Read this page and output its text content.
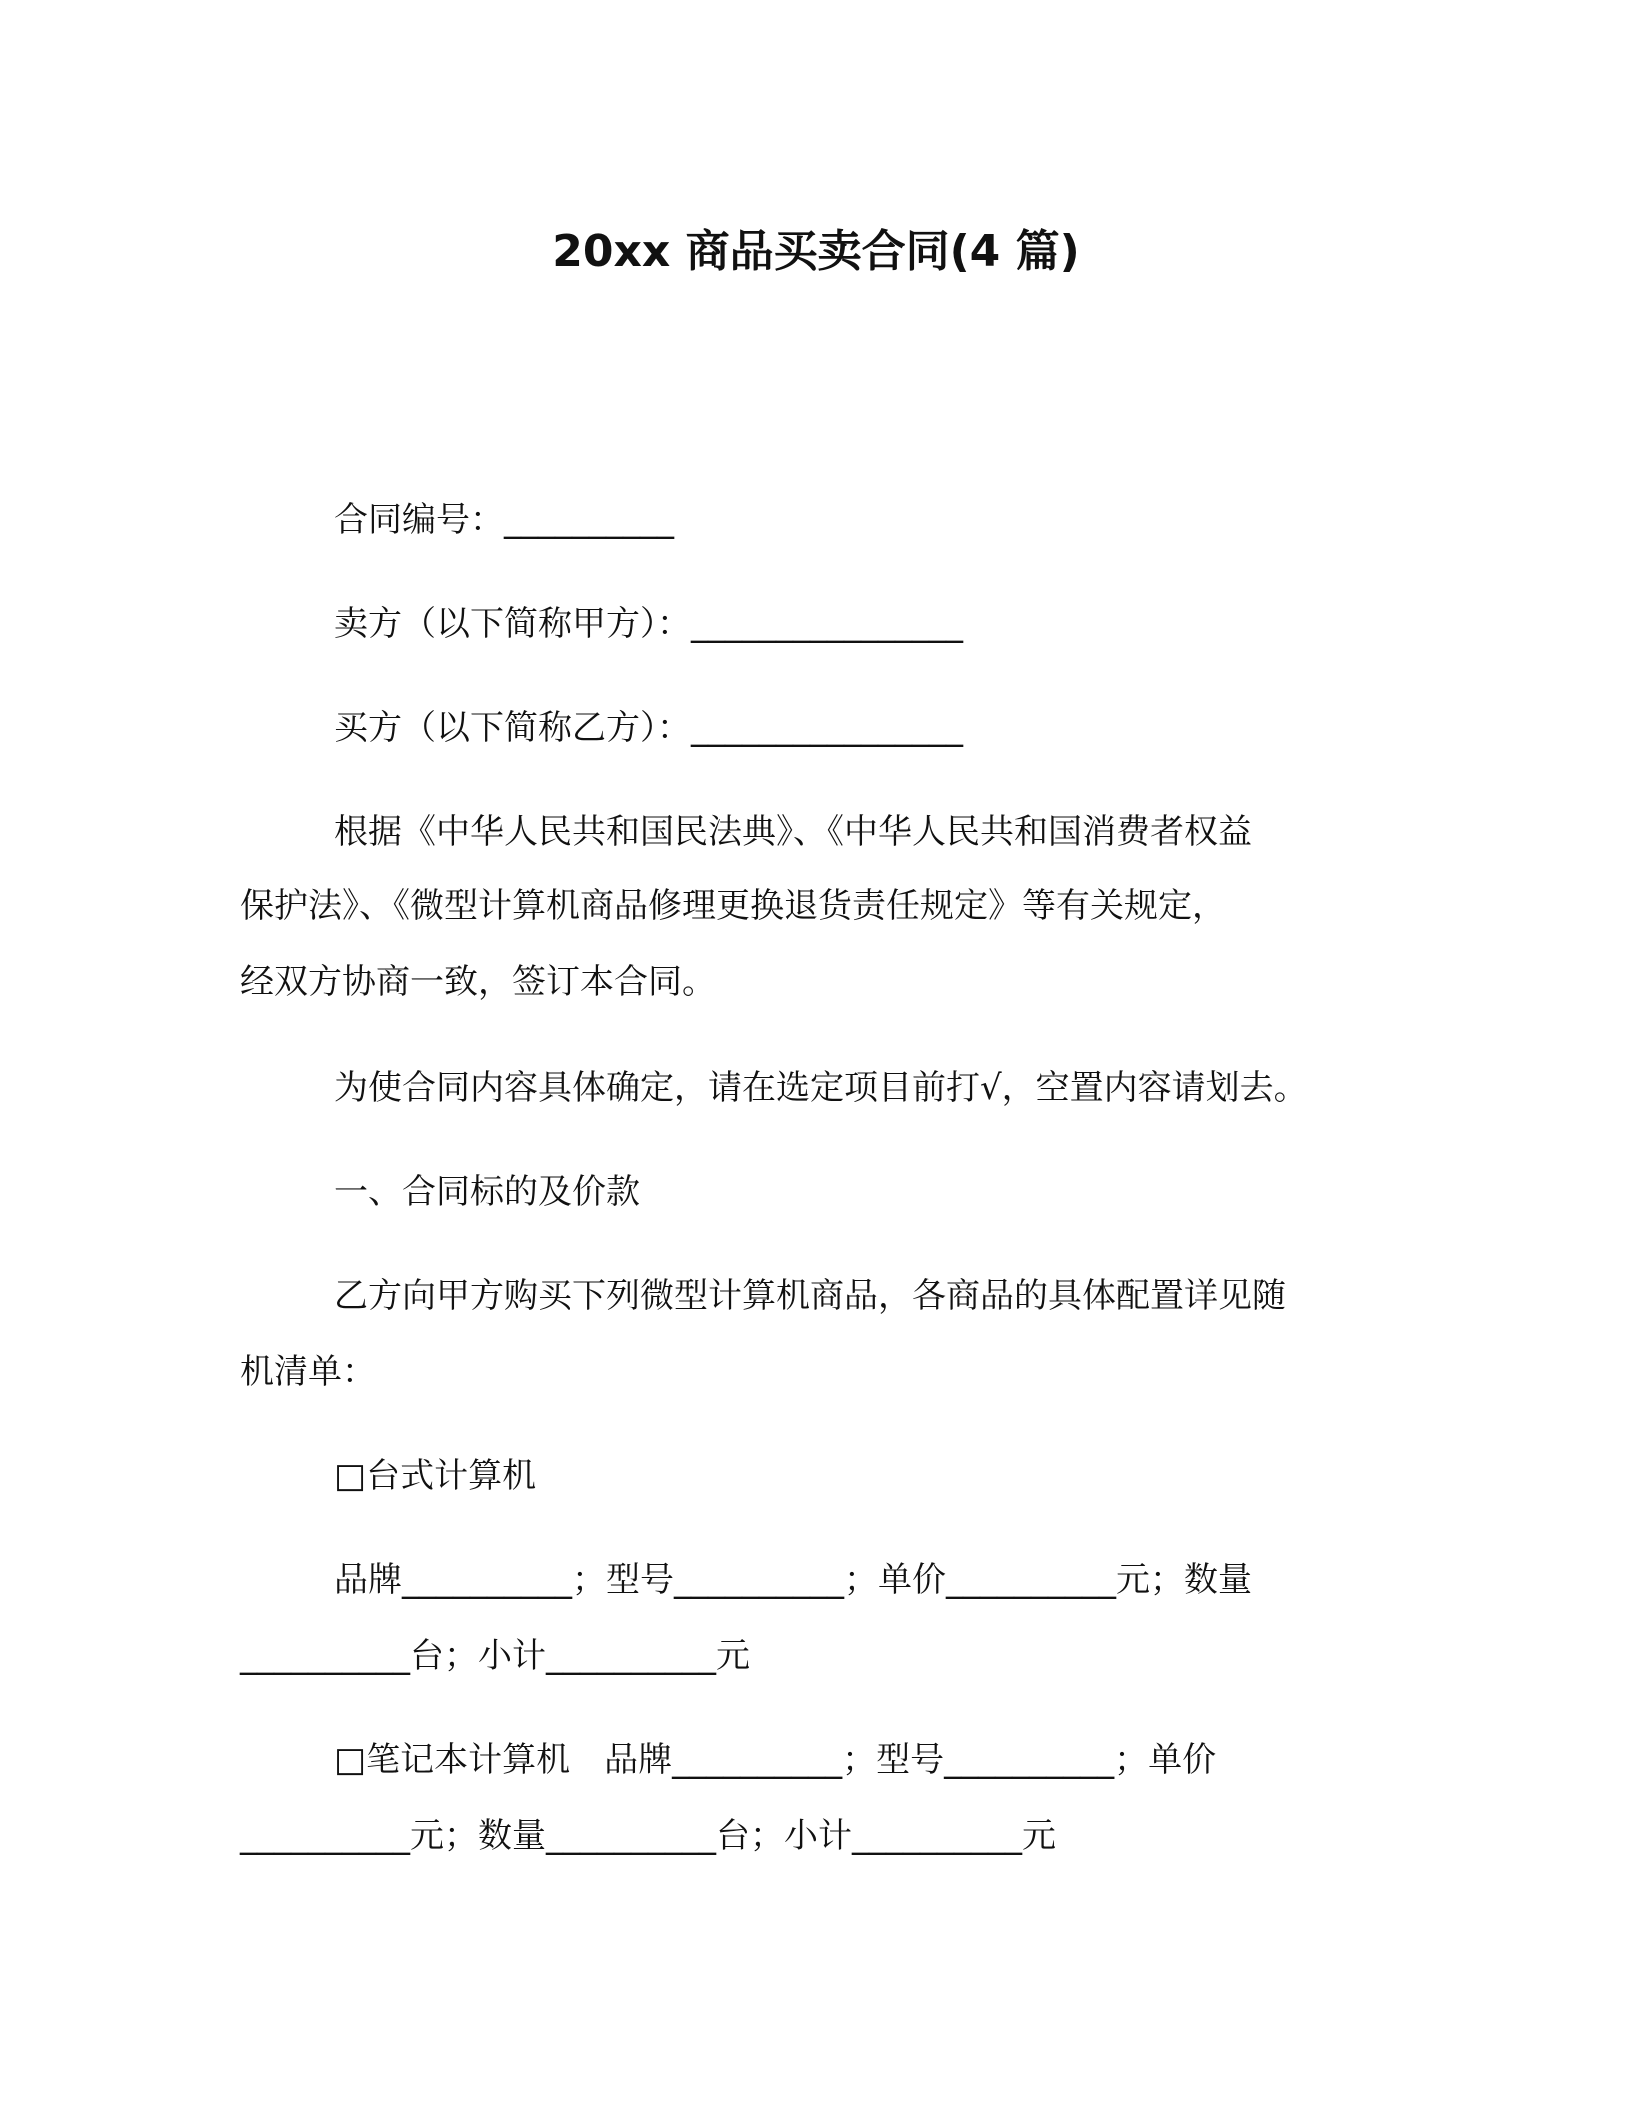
20xx 商品买卖合同(4 篇)
合同编号：__________
卖方（以下简称甲方）：________________
买方（以下简称乙方）：________________
根据《中华人民共和国民法典》、《中华人民共和国消费者权益
保护法》、《微型计算机商品修理更换退货责任规定》等有关规定，
经双方协商一致，签订本合同。
为使合同内容具体确定，请在选定项目前打√，空置内容请划去。
一、合同标的及价款
乙方向甲方购买下列微型计算机商品，各商品的具体配置详见随
机清单：
□台式计算机
品牌__________；型号__________；单价__________元；数量
__________台；小计__________元
□笔记本计算机　品牌__________；型号__________；单价
__________元；数量__________台；小计__________元
